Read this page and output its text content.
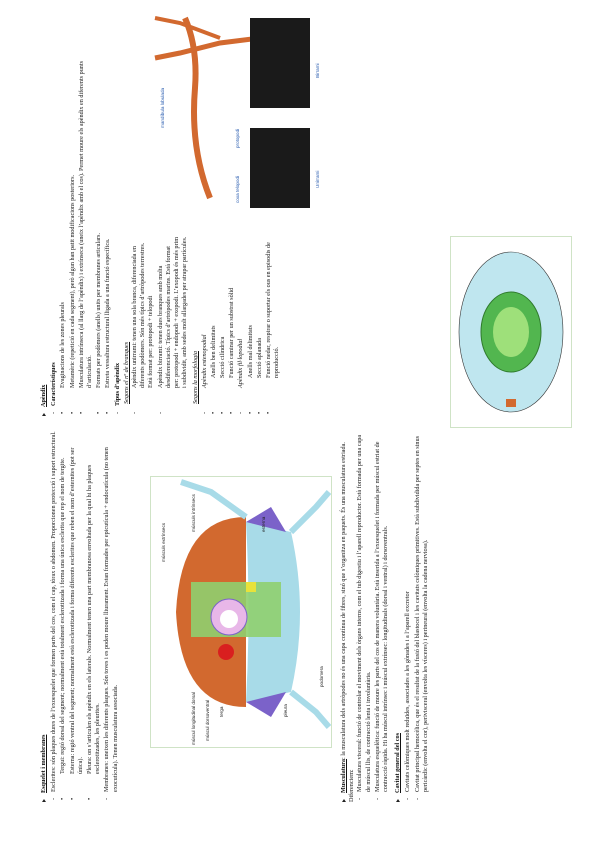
Esquelet i membranes - Esclerites: són plaques dures de l’exoesquelet que formen parts del cos, com el cap, tòrax o abdomen. Proporcionen protecció i suport estructural. • Tergui: regió dorsal del segment; normalment està totalment esclerotitzada i forma una única esclerita que rep el nom de tergite. • Esterna: regió ventral del segment; normalment està esclerotitzada i forma diferents esclerites que reben el nom d’esternites (pot ser única). • Pleura: on s’articulen els apèndix en els laterals. Normalment tenen una part membranosa envoltada per la qual hi ha plaques esclerotitzades, les pleurites. - Membranes: uneixen les diferents plaques. Són toves i es poden moure lliurament. Estan formades per epicutícula + endocutícula (no tenen exocutícula). Tenen musculatura associada.	múscul longitudinal dorsal múscul dorsoventral terga	pleura
podomera
músculs extrínsecs
músculs intrínsecs	esterna
Musculatura: la musculatura dels artròpodes no és una capa contínua de fibres, sinó que s’organitza en paquets. És una musculatura estriada. Diferenciem: - Musculatura visceral: funció de controlar el moviment dels òrgans interns, com el tub digestiu i l’aparell reproductor. Està formada per una capa de múscul llis, de contracció lenta i involuntària. - Musculatura esquelètica: funció de moure les parts del cos de manera voluntària. Està inserida a l’exoesquelet i formada per múscul estriat de contracció ràpida. Hi ha múscul intrínsec i múscul extrínsec: longitudinals (dorsal i ventral) i dorsoventrals. Cavitat general del cos - Cavitats celòmiques molt reduïdes, associades a les gònades i a l’aparell excretor - Cavitat principal hemocèlica, que és el resultat de la fusió del blastocel i les cavitats celòmiques primitives. Està subdividida per septes en sinus pericàrdic (envolta el cor), perivisceral (envolta les vísceres) i perineural (envolta la cadena nerviosa).
Apèndix - Característiques • Evaginacions de les zones pleurals • Metamèric (repetició en cada segment), però algun han patit modificacions posteriors. • Musculatura intrínseca (al llarg de l’apèndix) i extrínseca (uneix l’apèndix amb el cos). Permet moure els apèndix en diferents punts d’articulació. • Formats per podòmers (anells) units per membranes articulars. • Estreta vessaltura estructural lligada a una funció específica. - Tipus d’apèndix Segons el nº de branques - Apèndix unirrami: tenen una sola branca, diferenciada en diferents podòmers. Són més típics d’artròpodes terrestres. Està format per: protopodi + telopodi - Apèndix birrami: tenen dues branques amb molta desdiferenciació. Típics d’artròpodes marins. Està format per: protopodi + endopodi + exopodi. L’exopodi és més prim i subdividit, amb sedes molt allargades per atrapar partícules. Segons la morfologia - Apèndix estenopodial • Anells ben delimitats • Secció cilíndrica • Funció caminar per un substrat sòlid - Apèndix fil·lopodial • Anells mal delimitats • Secció aplanada • Funció nedar, respirar o suportar els ous en episodis de reproducció.
Unirrami
Birrami
mandíbula lobulada
coxa telopodi
protopodi
